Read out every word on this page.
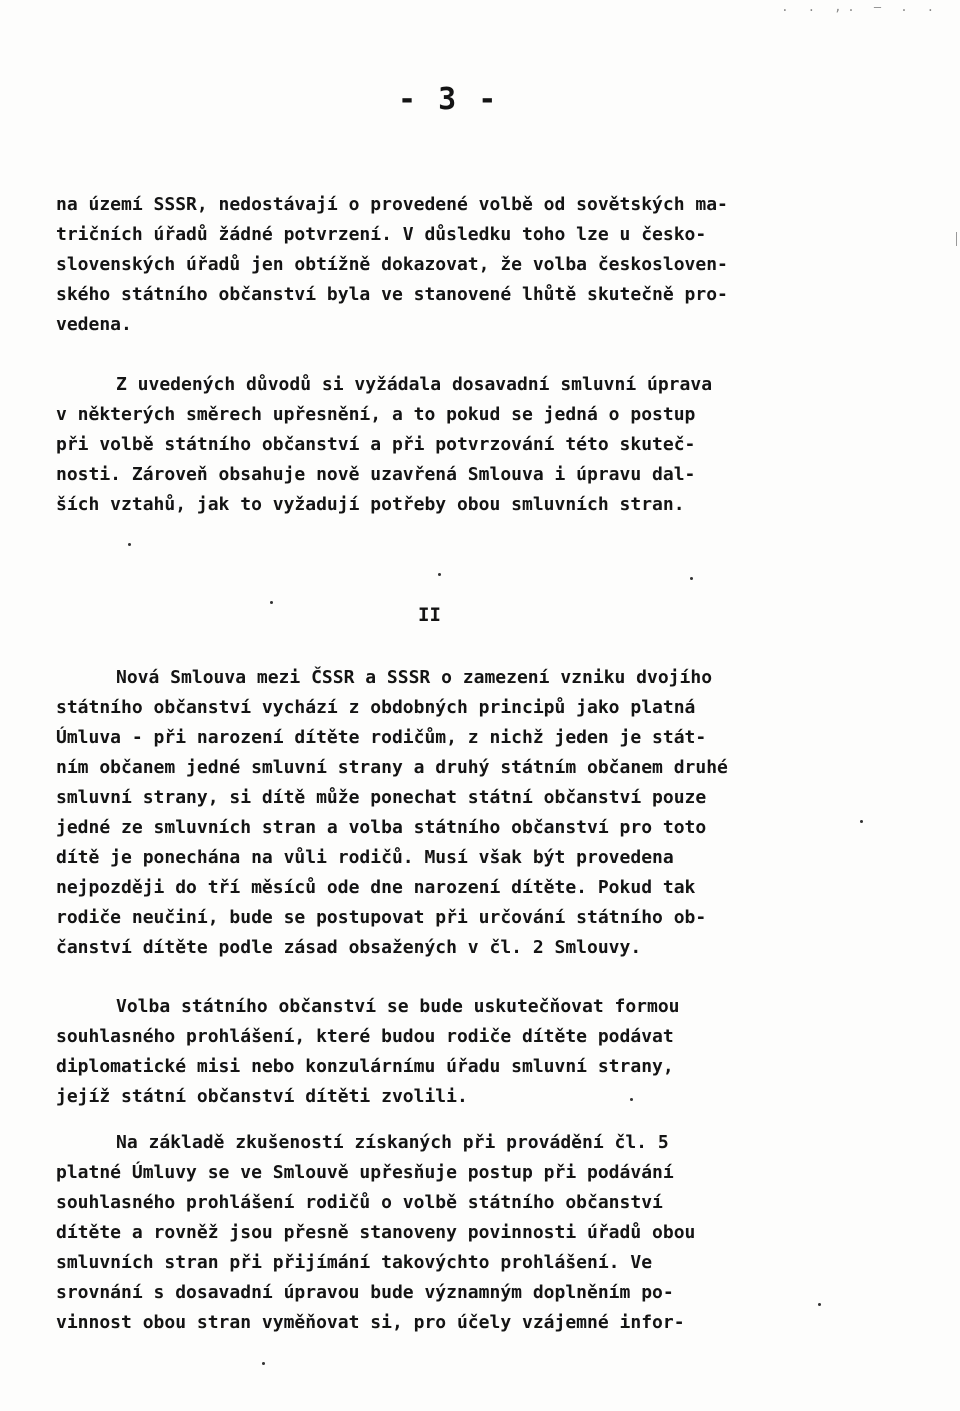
. . ,. — . .
- 3 -
na území SSSR, nedostávají o provedené volbě od sovětských ma-
tričních úřadů žádné potvrzení. V důsledku toho lze u česko-
slovenských úřadů jen obtížně dokazovat, že volba českosloven-
ského státního občanství byla ve stanovené lhůtě skutečně pro-
vedena.
Z uvedených důvodů si vyžádala dosavadní smluvní úprava
v některých směrech upřesnění, a to pokud se jedná o postup
při volbě státního občanství a při potvrzování této skuteč-
nosti. Zároveň obsahuje nově uzavřená Smlouva i úpravu dal-
ších vztahů, jak to vyžadují potřeby obou smluvních stran.
II
Nová Smlouva mezi ČSSR a SSSR o zamezení vzniku dvojího
státního občanství vychází z obdobných principů jako platná
Úmluva - při narození dítěte rodičům, z nichž jeden je stát-
ním občanem jedné smluvní strany a druhý státním občanem druhé
smluvní strany, si dítě může ponechat státní občanství pouze
jedné ze smluvních stran a volba státního občanství pro toto
dítě je ponechána na vůli rodičů. Musí však být provedena
nejpozději do tří měsíců ode dne narození dítěte. Pokud tak
rodiče neučiní, bude se postupovat při určování státního ob-
čanství dítěte podle zásad obsažených v čl. 2 Smlouvy.
Volba státního občanství se bude uskutečňovat formou
souhlasného prohlášení, které budou rodiče dítěte podávat
diplomatické misi nebo konzulárnímu úřadu smluvní strany,
jejíž státní občanství dítěti zvolili.
Na základě zkušeností získaných při provádění čl. 5
platné Úmluvy se ve Smlouvě upřesňuje postup při podávání
souhlasného prohlášení rodičů o volbě státního občanství
dítěte a rovněž jsou přesně stanoveny povinnosti úřadů obou
smluvních stran při přijímání takovýchto prohlášení. Ve
srovnání s dosavadní úpravou bude významným doplněním po-
vinnost obou stran vyměňovat si, pro účely vzájemné infor-
